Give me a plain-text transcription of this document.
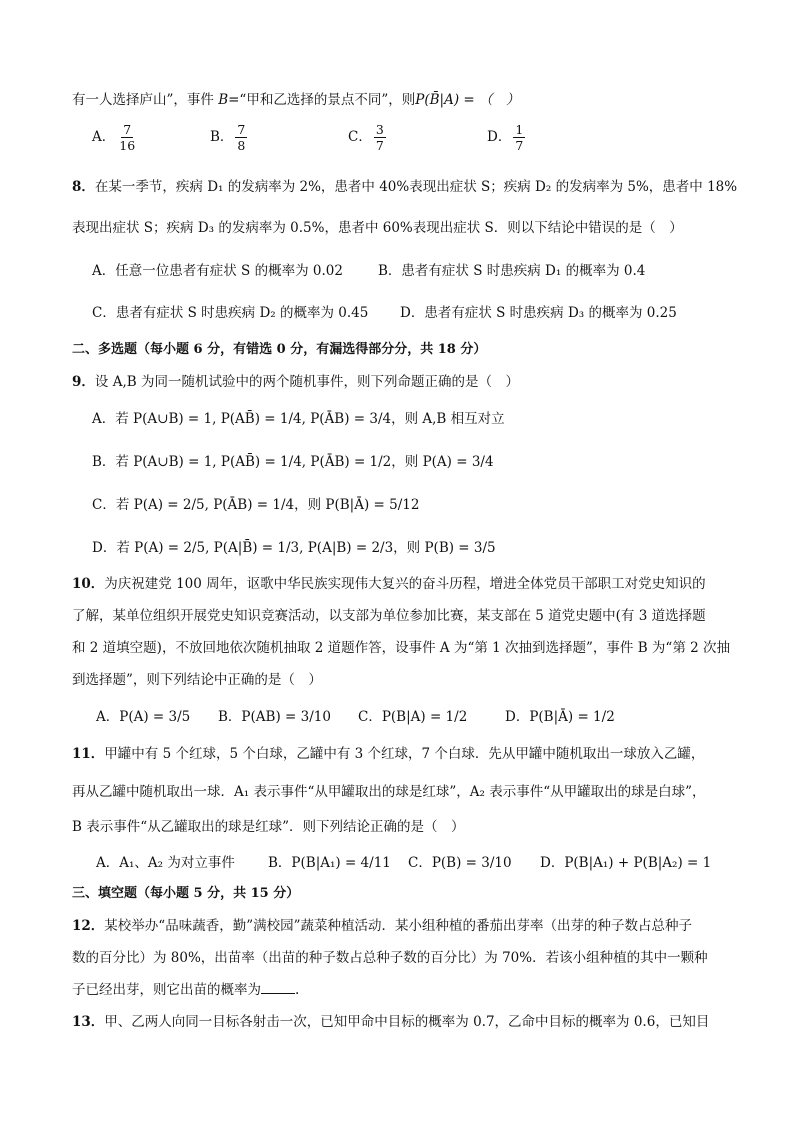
有一人选择庐山”，事件 B=“甲和乙选择的景点不同”，则P(B̄|A) = （　）
A． $\frac{7}{16}$	B． $\frac{7}{8}$	C． $\frac{3}{7}$	D． $\frac{1}{7}$
8．在某一季节，疾病 D₁ 的发病率为 2%，患者中 40%表现出症状 S；疾病 D₂ 的发病率为 5%，患者中 18%
表现出症状 S；疾病 D₃ 的发病率为 0.5%，患者中 60%表现出症状 S．则以下结论中错误的是（　）
A．任意一位患者有症状 S 的概率为 0.02	B．患者有症状 S 时患疾病 D₁ 的概率为 0.4
C．患者有症状 S 时患疾病 D₂ 的概率为 0.45 D．患者有症状 S 时患疾病 D₃ 的概率为 0.25
二、多选题（每小题 6 分，有错选 0 分，有漏选得部分分，共 18 分）
9．设 A,B 为同一随机试验中的两个随机事件，则下列命题正确的是（　）
A．若 P(A∪B) = 1, P(AB̄) = 1/4, P(ĀB) = 3/4，则 A,B 相互对立
B．若 P(A∪B) = 1, P(AB̄) = 1/4, P(ĀB) = 1/2，则 P(A) = 3/4
C．若 P(A) = 2/5, P(ĀB) = 1/4，则 P(B|Ā) = 5/12
D．若 P(A) = 2/5, P(A|B̄) = 1/3, P(A|B) = 2/3，则 P(B) = 3/5
10．为庆祝建党 100 周年，讴歌中华民族实现伟大复兴的奋斗历程，增进全体党员干部职工对党史知识的
了解，某单位组织开展党史知识竞赛活动，以支部为单位参加比赛，某支部在 5 道党史题中(有 3 道选择题
和 2 道填空题)，不放回地依次随机抽取 2 道题作答，设事件 A 为“第 1 次抽到选择题”，事件 B 为“第 2 次抽
到选择题”，则下列结论中正确的是（　）
A．P(A) = 3/5 B．P(AB) = 3/10 C．P(B|A) = 1/2	D．P(B|Ā) = 1/2
11．甲罐中有 5 个红球，5 个白球，乙罐中有 3 个红球，7 个白球．先从甲罐中随机取出一球放入乙罐，
再从乙罐中随机取出一球．A₁ 表示事件“从甲罐取出的球是红球”，A₂ 表示事件“从甲罐取出的球是白球”，
B 表示事件“从乙罐取出的球是红球”．则下列结论正确的是（　）
A．A₁、A₂ 为对立事件 B．P(B|A₁) = 4/11 C．P(B) = 3/10 D．P(B|A₁) + P(B|A₂) = 1
三、填空题（每小题 5 分，共 15 分）
12．某校举办“品味蔬香，勤”满校园”蔬菜种植活动．某小组种植的番茄出芽率（出芽的种子数占总种子
数的百分比）为 80%，出苗率（出苗的种子数占总种子数的百分比）为 70%．若该小组种植的其中一颗种
子已经出芽，则它出苗的概率为	.
13．甲、乙两人向同一目标各射击一次，已知甲命中目标的概率为 0.7，乙命中目标的概率为 0.6，已知目
